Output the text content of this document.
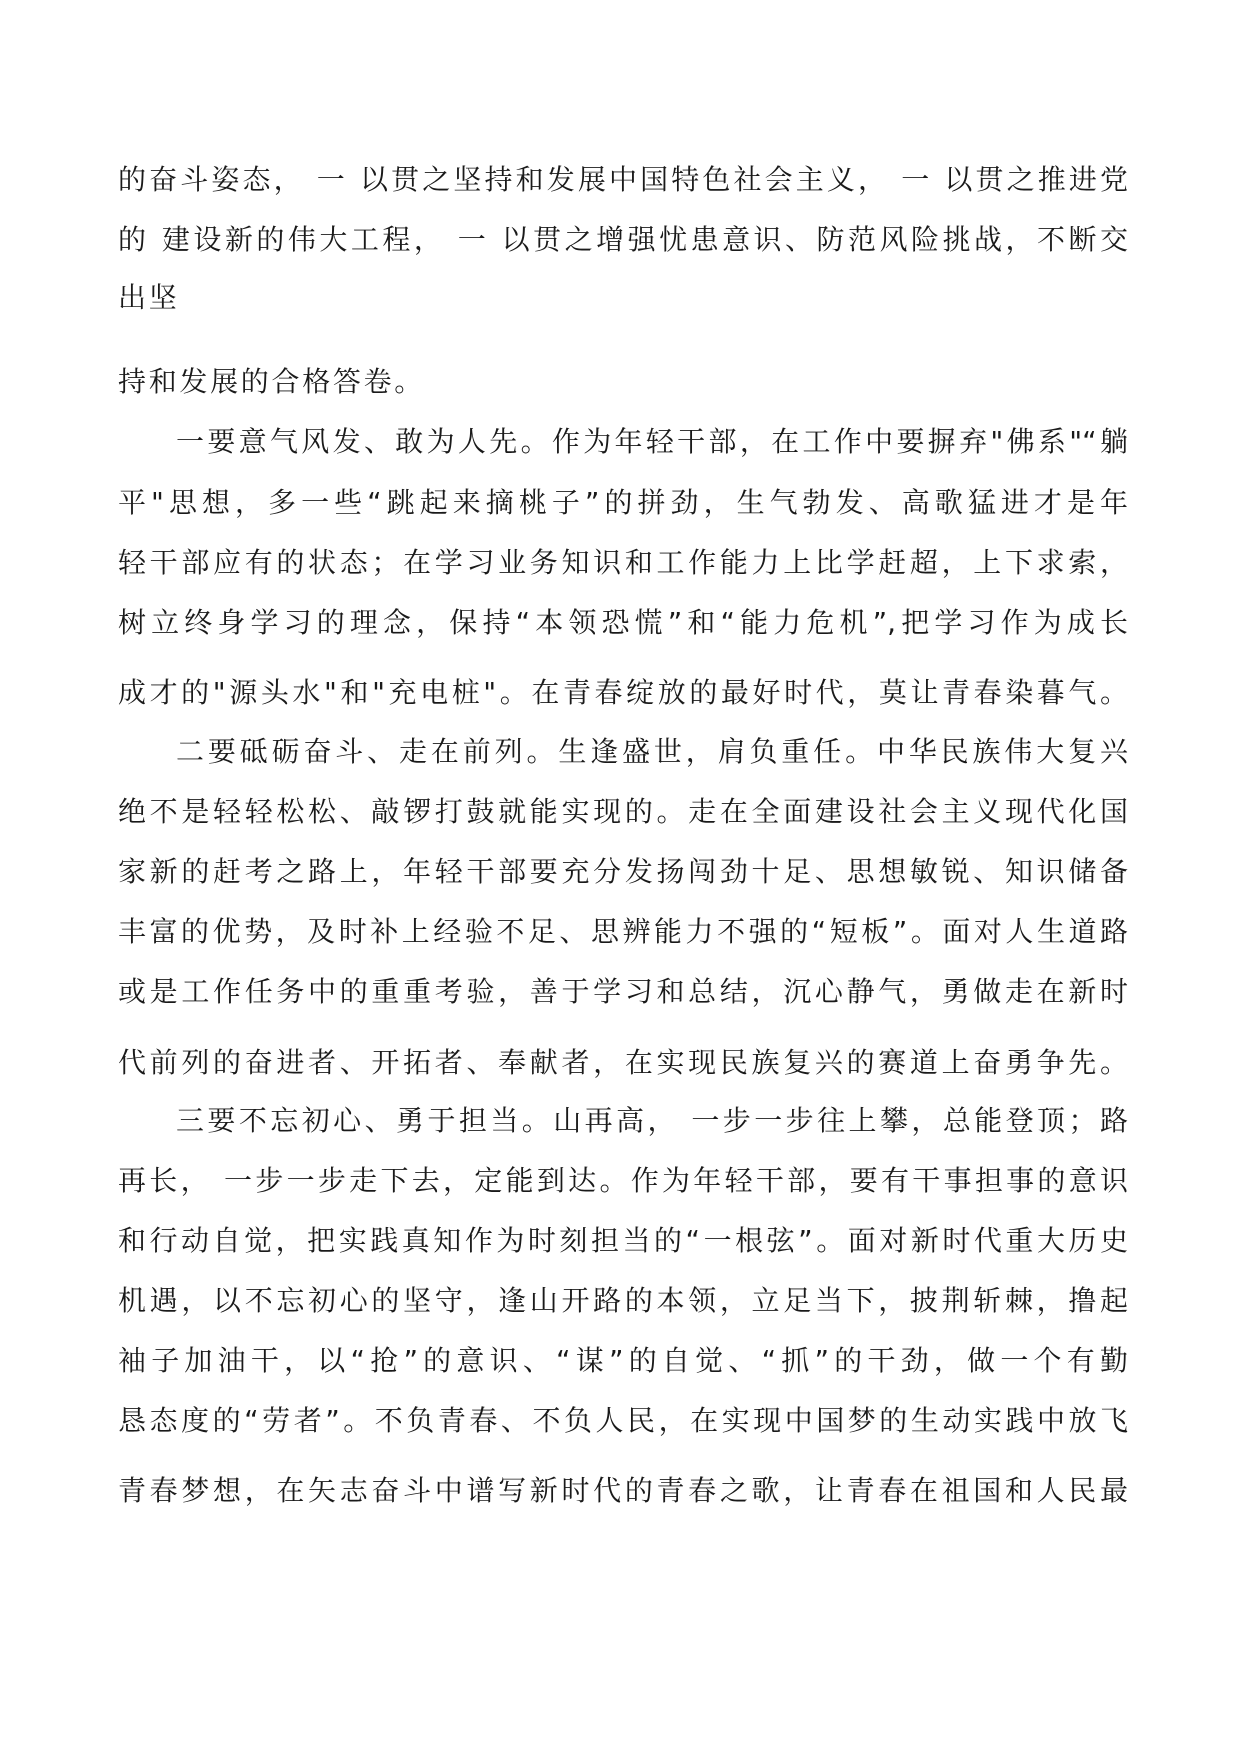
的奋斗姿态， 一 以贯之坚持和发展中国特色社会主义， 一 以贯之推进党
的 建设新的伟大工程， 一 以贯之增强忧患意识、防范风险挑战，不断交
出坚
持和发展的合格答卷。
一要意气风发、敢为人先。作为年轻干部，在工作中要摒弃"佛系"“躺
平"思想，多一些“跳起来摘桃子”的拼劲，生气勃发、高歌猛进才是年
轻干部应有的状态；在学习业务知识和工作能力上比学赶超，上下求索，
树立终身学习的理念，保持“本领恐慌”和“能力危机”,把学习作为成长
成才的"源头水"和"充电桩"。在青春绽放的最好时代，莫让青春染暮气。
二要砥砺奋斗、走在前列。生逢盛世，肩负重任。中华民族伟大复兴
绝不是轻轻松松、敲锣打鼓就能实现的。走在全面建设社会主义现代化国
家新的赶考之路上，年轻干部要充分发扬闯劲十足、思想敏锐、知识储备
丰富的优势，及时补上经验不足、思辨能力不强的“短板”。面对人生道路
或是工作任务中的重重考验，善于学习和总结，沉心静气，勇做走在新时
代前列的奋进者、开拓者、奉献者，在实现民族复兴的赛道上奋勇争先。
三要不忘初心、勇于担当。山再高， 一步一步往上攀，总能登顶；路
再长， 一步一步走下去，定能到达。作为年轻干部，要有干事担事的意识
和行动自觉，把实践真知作为时刻担当的“一根弦”。面对新时代重大历史
机遇，以不忘初心的坚守，逢山开路的本领，立足当下，披荆斩棘，撸起
袖子加油干，以“抢”的意识、“谋”的自觉、“抓”的干劲，做一个有勤
恳态度的“劳者”。不负青春、不负人民，在实现中国梦的生动实践中放飞
青春梦想，在矢志奋斗中谱写新时代的青春之歌，让青春在祖国和人民最
